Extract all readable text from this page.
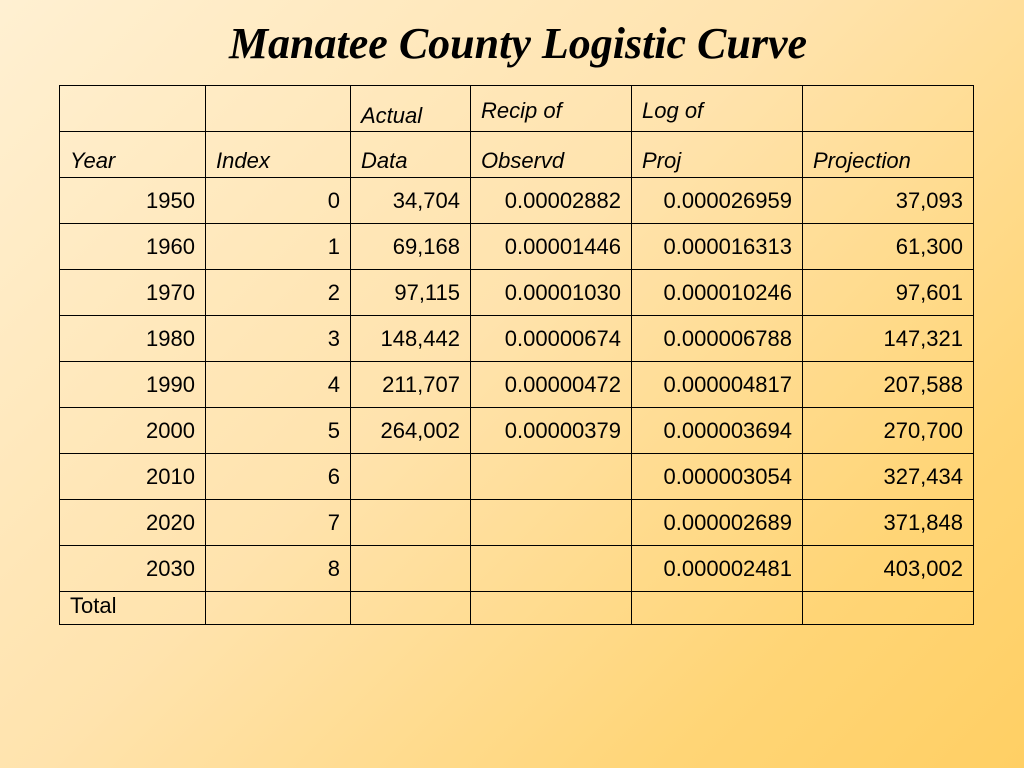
Manatee County Logistic Curve
		Actual	Recip of	Log of	
Year	Index	Data	Observd	Proj	Projection
1950	0	34,704	0.00002882	0.000026959	37,093
1960	1	69,168	0.00001446	0.000016313	61,300
1970	2	97,115	0.00001030	0.000010246	97,601
1980	3	148,442	0.00000674	0.000006788	147,321
1990	4	211,707	0.00000472	0.000004817	207,588
2000	5	264,002	0.00000379	0.000003694	270,700
2010	6			0.000003054	327,434
2020	7			0.000002689	371,848
2030	8			0.000002481	403,002
Total					
